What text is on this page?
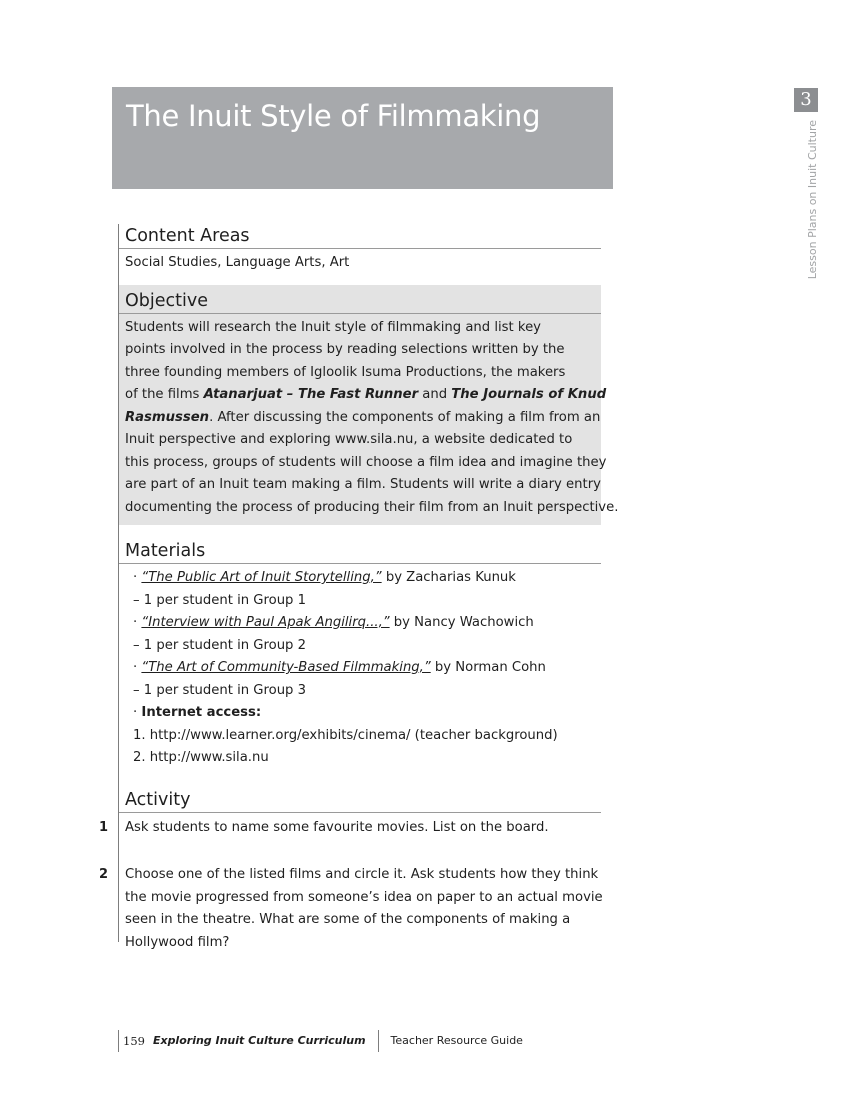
The Inuit Style of Filmmaking	3
Lesson Plans on Inuit Culture
Content Areas
Social Studies, Language Arts, Art
Objective
Students will research the Inuit style of filmmaking and list key
points involved in the process by reading selections written by the
three founding members of Igloolik Isuma Productions, the makers
of the films Atanarjuat – The Fast Runner and The Journals of Knud
Rasmussen. After discussing the components of making a film from an
Inuit perspective and exploring www.sila.nu, a website dedicated to
this process, groups of students will choose a film idea and imagine they
are part of an Inuit team making a film. Students will write a diary entry
documenting the process of producing their film from an Inuit perspective.
Materials
· “The Public Art of Inuit Storytelling,” by Zacharias Kunuk
– 1 per student in Group 1
· “Interview with Paul Apak Angilirq...,” by Nancy Wachowich
– 1 per student in Group 2
· “The Art of Community-Based Filmmaking,” by Norman Cohn
– 1 per student in Group 3
· Internet access:
1. http://www.learner.org/exhibits/cinema/ (teacher background)
2. http://www.sila.nu
Activity
1 Ask students to name some favourite movies. List on the board.
2 Choose one of the listed films and circle it. Ask students how they think
the movie progressed from someone’s idea on paper to an actual movie
seen in the theatre. What are some of the components of making a
Hollywood film?
159 Exploring Inuit Culture Curriculum	Teacher Resource Guide
